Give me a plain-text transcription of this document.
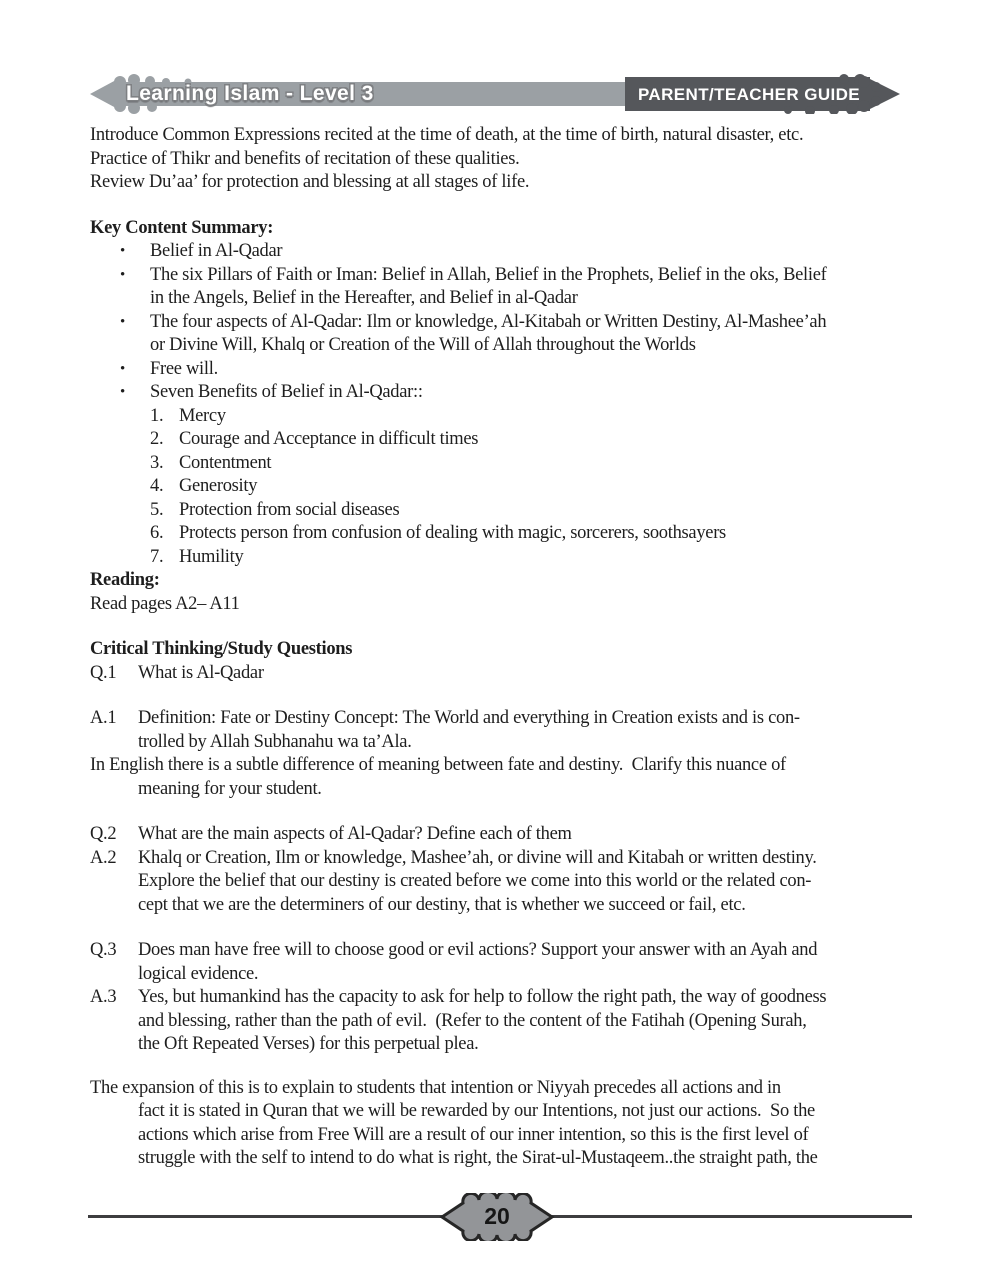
Learning Islam - Level 3	PARENT/TEACHER GUIDE
Introduce Common Expressions recited at the time of death, at the time of birth, natural disaster, etc.
Practice of Thikr and benefits of recitation of these qualities.
Review Du’aa’ for protection and blessing at all stages of life.
Key Content Summary:
•	Belief in Al-Qadar
•	The six Pillars of Faith or Iman: Belief in Allah, Belief in the Prophets, Belief in the oks, Belief
in the Angels, Belief in the Hereafter, and Belief in al-Qadar
•	The four aspects of Al-Qadar: Ilm or knowledge, Al-Kitabah or Written Destiny, Al-Mashee’ah
or Divine Will, Khalq or Creation of the Will of Allah throughout the Worlds
•	Free will.
•	Seven Benefits of Belief in Al-Qadar::
1. Mercy
2. Courage and Acceptance in difficult times
3. Contentment
4. Generosity
5. Protection from social diseases
6. Protects person from confusion of dealing with magic, sorcerers, soothsayers
7. Humility
Reading:
Read pages A2– A11
Critical Thinking/Study Questions
Q.1	What is Al-Qadar
A.1	Definition: Fate or Destiny Concept: The World and everything in Creation exists and is con-
trolled by Allah Subhanahu wa ta’Ala.
In English there is a subtle difference of meaning between fate and destiny.  Clarify this nuance of
meaning for your student.
Q.2	What are the main aspects of Al-Qadar? Define each of them
A.2	Khalq or Creation, Ilm or knowledge, Mashee’ah, or divine will and Kitabah or written destiny.
Explore the belief that our destiny is created before we come into this world or the related con-
cept that we are the determiners of our destiny, that is whether we succeed or fail, etc.
Q.3	Does man have free will to choose good or evil actions? Support your answer with an Ayah and
logical evidence.
A.3	Yes, but humankind has the capacity to ask for help to follow the right path, the way of goodness
and blessing, rather than the path of evil.  (Refer to the content of the Fatihah (Opening Surah,
the Oft Repeated Verses) for this perpetual plea.
The expansion of this is to explain to students that intention or Niyyah precedes all actions and in
fact it is stated in Quran that we will be rewarded by our Intentions, not just our actions.  So the
actions which arise from Free Will are a result of our inner intention, so this is the first level of
struggle with the self to intend to do what is right, the Sirat-ul-Mustaqeem..the straight path, the
20
